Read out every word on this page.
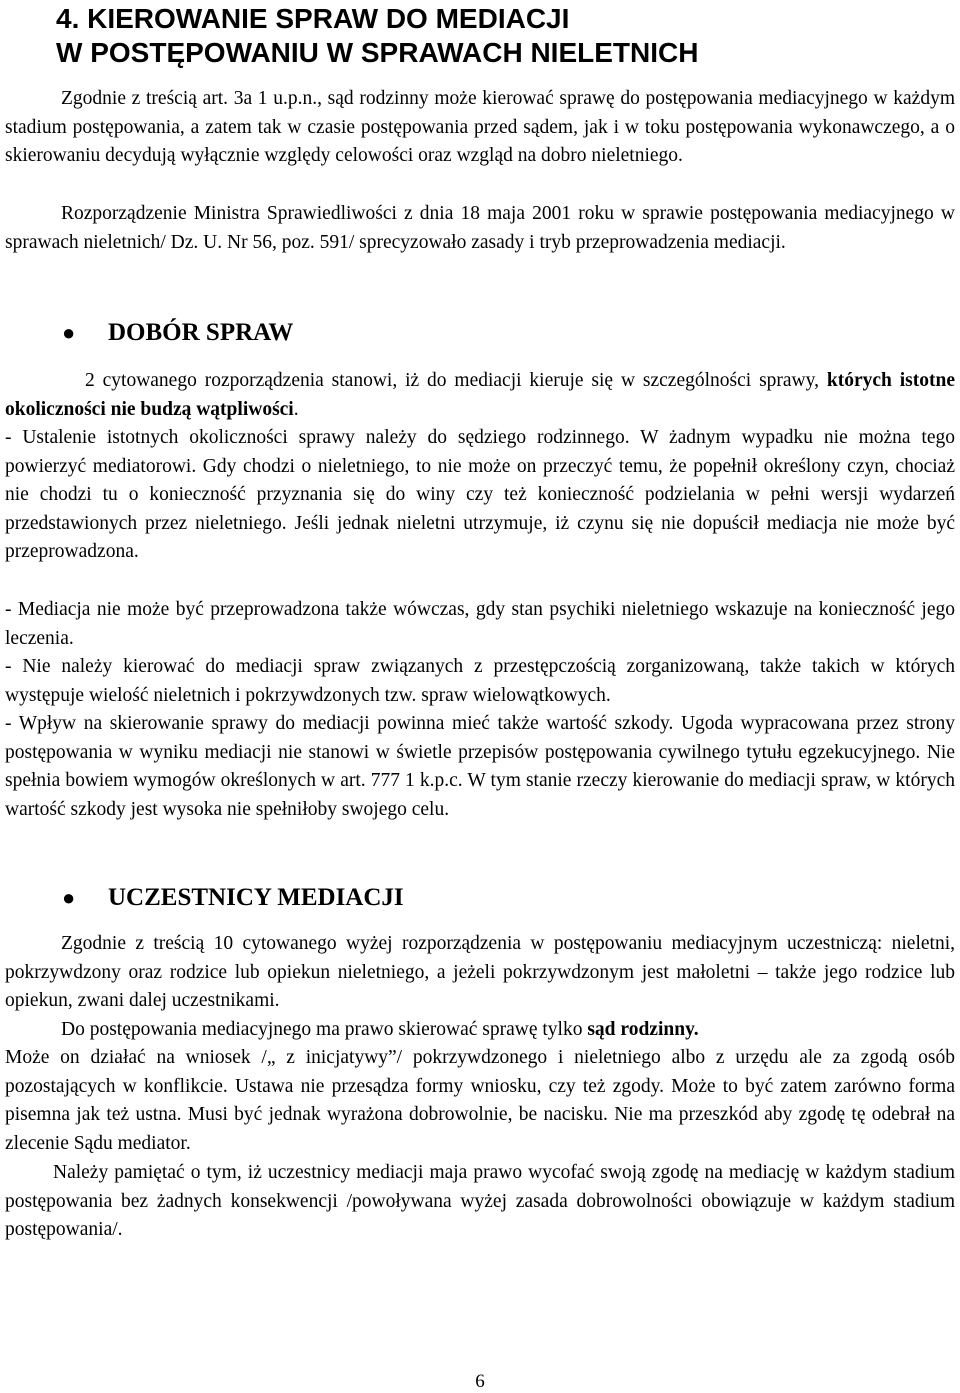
4. KIEROWANIE SPRAW DO MEDIACJI
W POSTĘPOWANIU W SPRAWACH NIELETNICH

Zgodnie z treścią art. 3a 1 u.p.n., sąd rodzinny może kierować sprawę do postępowania mediacyjnego w każdym stadium postępowania, a zatem tak w czasie postępowania przed sądem, jak i w toku postępowania wykonawczego, a o skierowaniu decydują wyłącznie względy celowości oraz wzgląd na dobro nieletniego.

Rozporządzenie Ministra Sprawiedliwości z dnia 18 maja 2001 roku w sprawie postępowania mediacyjnego w sprawach nieletnich/ Dz. U. Nr 56, poz. 591/ sprecyzowało zasady i tryb przeprowadzenia mediacji.

● DOBÓR SPRAW

2 cytowanego rozporządzenia stanowi, iż do mediacji kieruje się w szczególności sprawy, których istotne okoliczności nie budzą wątpliwości.

- Ustalenie istotnych okoliczności sprawy należy do sędziego rodzinnego. W żadnym wypadku nie można tego powierzyć mediatorowi. Gdy chodzi o nieletniego, to nie może on przeczyć temu, że popełnił określony czyn, chociaż nie chodzi tu o konieczność przyznania się do winy czy też konieczność podzielania w pełni wersji wydarzeń przedstawionych przez nieletniego. Jeśli jednak nieletni utrzymuje, iż czynu się nie dopuścił mediacja nie może być przeprowadzona.

- Mediacja nie może być przeprowadzona także wówczas, gdy stan psychiki nieletniego wskazuje na konieczność jego leczenia.

- Nie należy kierować do mediacji spraw związanych z przestępczością zorganizowaną, także takich w których występuje wielość nieletnich i pokrzywdzonych tzw. spraw wielowątkowych.

- Wpływ na skierowanie sprawy do mediacji powinna mieć także wartość szkody. Ugoda wypracowana przez strony postępowania w wyniku mediacji nie stanowi w świetle przepisów postępowania cywilnego tytułu egzekucyjnego. Nie spełnia bowiem wymogów określonych w art. 777 1 k.p.c. W tym stanie rzeczy kierowanie do mediacji spraw, w których wartość szkody jest wysoka nie spełniłoby swojego celu.

● UCZESTNICY MEDIACJI

Zgodnie z treścią 10 cytowanego wyżej rozporządzenia w postępowaniu mediacyjnym uczestniczą: nieletni, pokrzywdzony oraz rodzice lub opiekun nieletniego, a jeżeli pokrzywdzonym jest małoletni – także jego rodzice lub opiekun, zwani dalej uczestnikami.

Do postępowania mediacyjnego ma prawo skierować sprawę tylko sąd rodzinny.

Może on działać na wniosek /„ z inicjatywy”/ pokrzywdzonego i nieletniego albo z urzędu ale za zgodą osób pozostających w konflikcie. Ustawa nie przesądza formy wniosku, czy też zgody. Może to być zatem zarówno forma pisemna jak też ustna. Musi być jednak wyrażona dobrowolnie, be nacisku. Nie ma przeszkód aby zgodę tę odebrał na zlecenie Sądu mediator.

Należy pamiętać o tym, iż uczestnicy mediacji maja prawo wycofać swoją zgodę na mediację w każdym stadium postępowania bez żadnych konsekwencji /powoływana wyżej zasada dobrowolności obowiązuje w każdym stadium postępowania/.

6
